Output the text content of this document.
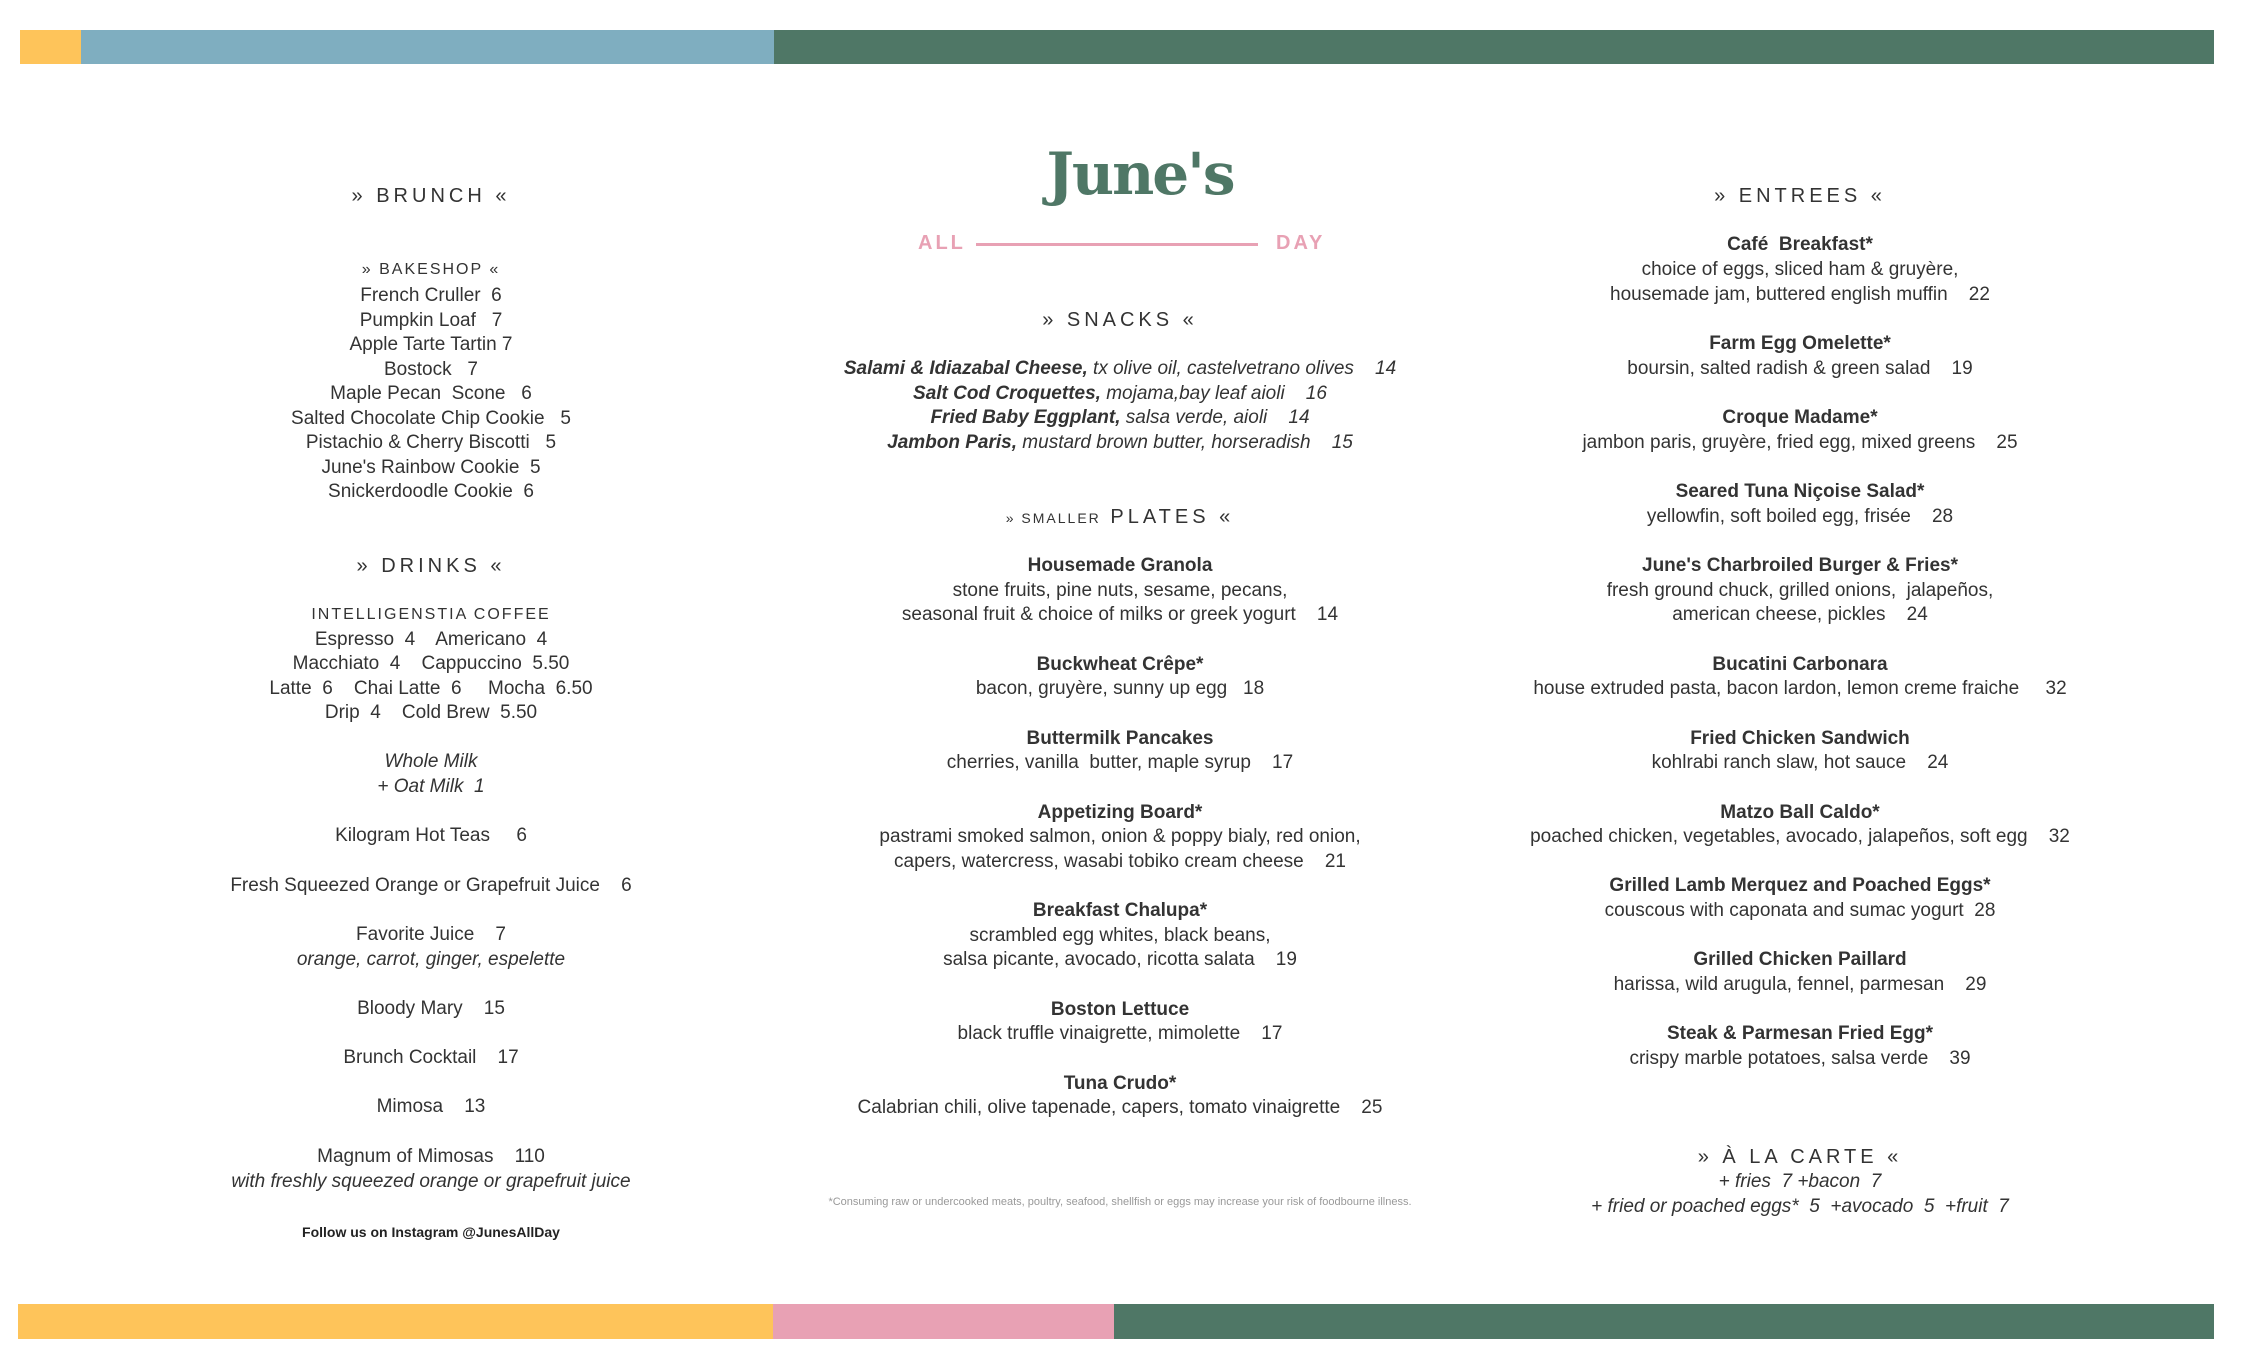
June's
ALL	DAY
» BRUNCH «
» BAKESHOP «
French Cruller  6
Pumpkin Loaf   7
Apple Tarte Tartin 7
Bostock   7
Maple Pecan  Scone   6
Salted Chocolate Chip Cookie   5
Pistachio & Cherry Biscotti   5
June's Rainbow Cookie  5
Snickerdoodle Cookie  6
» DRINKS «
INTELLIGENSTIA COFFEE
Espresso  4    Americano  4
Macchiato  4    Cappuccino  5.50
Latte  6    Chai Latte  6     Mocha  6.50
Drip  4    Cold Brew  5.50
Whole Milk
+ Oat Milk  1
Kilogram Hot Teas     6
Fresh Squeezed Orange or Grapefruit Juice    6
Favorite Juice    7
orange, carrot, ginger, espelette
Bloody Mary    15
Brunch Cocktail    17
Mimosa    13
Magnum of Mimosas    110
with freshly squeezed orange or grapefruit juice
Follow us on Instagram @JunesAllDay
» SNACKS «
Salami & Idiazabal Cheese, tx olive oil, castelvetrano olives    14
Salt Cod Croquettes, mojama,bay leaf aioli    16
Fried Baby Eggplant, salsa verde, aioli    14
Jambon Paris, mustard brown butter, horseradish    15
» SMALLER PLATES «
Housemade Granola
stone fruits, pine nuts, sesame, pecans,
seasonal fruit & choice of milks or greek yogurt    14
Buckwheat Crêpe*
bacon, gruyère, sunny up egg   18
Buttermilk Pancakes
cherries, vanilla  butter, maple syrup    17
Appetizing Board*
pastrami smoked salmon, onion & poppy bialy, red onion,
capers, watercress, wasabi tobiko cream cheese    21
Breakfast Chalupa*
scrambled egg whites, black beans,
salsa picante, avocado, ricotta salata    19
Boston Lettuce
black truffle vinaigrette, mimolette    17
Tuna Crudo*
Calabrian chili, olive tapenade, capers, tomato vinaigrette    25
*Consuming raw or undercooked meats, poultry, seafood, shellfish or eggs may increase your risk of foodbourne illness.
» ENTREES «
Café  Breakfast*
choice of eggs, sliced ham & gruyère,
housemade jam, buttered english muffin    22
Farm Egg Omelette*
boursin, salted radish & green salad    19
Croque Madame*
jambon paris, gruyère, fried egg, mixed greens    25
Seared Tuna Niçoise Salad*
yellowfin, soft boiled egg, frisée    28
June's Charbroiled Burger & Fries*
fresh ground chuck, grilled onions,  jalapeños,
american cheese, pickles    24
Bucatini Carbonara
house extruded pasta, bacon lardon, lemon creme fraiche     32
Fried Chicken Sandwich
kohlrabi ranch slaw, hot sauce    24
Matzo Ball Caldo*
poached chicken, vegetables, avocado, jalapeños, soft egg    32
Grilled Lamb Merquez and Poached Eggs*
couscous with caponata and sumac yogurt  28
Grilled Chicken Paillard
harissa, wild arugula, fennel, parmesan    29
Steak & Parmesan Fried Egg*
crispy marble potatoes, salsa verde    39
» À LA CARTE «
+ fries  7 +bacon  7
+ fried or poached eggs*  5  +avocado  5  +fruit  7
